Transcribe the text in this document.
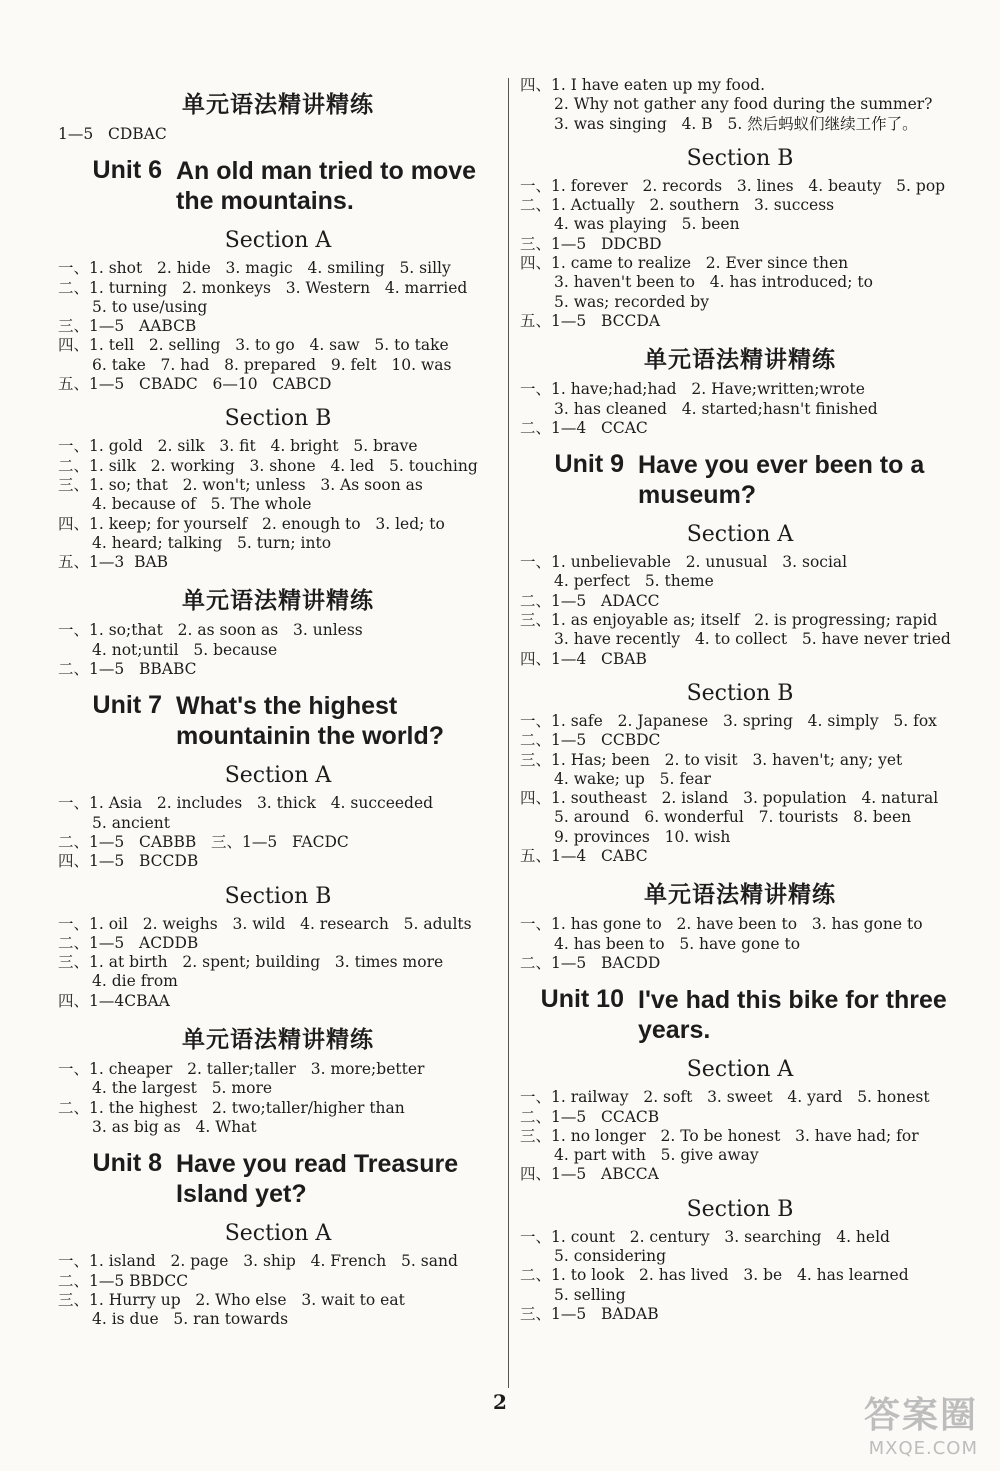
单元语法精讲精练
1—5   CDBAC
Unit 6 An old man tried to move the mountains.
Section A
一、1. shot   2. hide   3. magic   4. smiling   5. silly
二、1. turning   2. monkeys   3. Western   4. married
5. to use/using
三、1—5   AABCB
四、1. tell   2. selling   3. to go   4. saw   5. to take
6. take   7. had   8. prepared   9. felt   10. was
五、1—5   CBADC   6—10   CABCD
Section B
一、1. gold   2. silk   3. fit   4. bright   5. brave
二、1. silk   2. working   3. shone   4. led   5. touching
三、1. so; that   2. won't; unless   3. As soon as
4. because of   5. The whole
四、1. keep; for yourself   2. enough to   3. led; to
4. heard; talking   5. turn; into
五、1—3  BAB
单元语法精讲精练
一、1. so;that   2. as soon as   3. unless
4. not;until   5. because
二、1—5   BBABC
Unit 7 What's the highest mountainin the world?
Section A
一、1. Asia   2. includes   3. thick   4. succeeded
5. ancient
二、1—5   CABBB   三、1—5   FACDC
四、1—5   BCCDB
Section B
一、1. oil   2. weighs   3. wild   4. research   5. adults
二、1—5   ACDDB
三、1. at birth   2. spent; building   3. times more
4. die from
四、1—4CBAA
单元语法精讲精练
一、1. cheaper   2. taller;taller   3. more;better
4. the largest   5. more
二、1. the highest   2. two;taller/higher than
3. as big as   4. What
Unit 8 Have you read Treasure Island yet?
Section A
一、1. island   2. page   3. ship   4. French   5. sand
二、1—5 BBDCC
三、1. Hurry up   2. Who else   3. wait to eat
4. is due   5. ran towards
四、1. I have eaten up my food.
2. Why not gather any food during the summer?
3. was singing   4. B   5. 然后蚂蚁们继续工作了。
Section B
一、1. forever   2. records   3. lines   4. beauty   5. pop
二、1. Actually   2. southern   3. success
4. was playing   5. been
三、1—5   DDCBD
四、1. came to realize   2. Ever since then
3. haven't been to   4. has introduced; to
5. was; recorded by
五、1—5   BCCDA
单元语法精讲精练
一、1. have;had;had   2. Have;written;wrote
3. has cleaned   4. started;hasn't finished
二、1—4   CCAC
Unit 9 Have you ever been to a museum?
Section A
一、1. unbelievable   2. unusual   3. social
4. perfect   5. theme
二、1—5   ADACC
三、1. as enjoyable as; itself   2. is progressing; rapid
3. have recently   4. to collect   5. have never tried
四、1—4   CBAB
Section B
一、1. safe   2. Japanese   3. spring   4. simply   5. fox
二、1—5   CCBDC
三、1. Has; been   2. to visit   3. haven't; any; yet
4. wake; up   5. fear
四、1. southeast   2. island   3. population   4. natural
5. around   6. wonderful   7. tourists   8. been
9. provinces   10. wish
五、1—4   CABC
单元语法精讲精练
一、1. has gone to   2. have been to   3. has gone to
4. has been to   5. have gone to
二、1—5   BACDD
Unit 10 I've had this bike for three years.
Section A
一、1. railway   2. soft   3. sweet   4. yard   5. honest
二、1—5   CCACB
三、1. no longer   2. To be honest   3. have had; for
4. part with   5. give away
四、1—5   ABCCA
Section B
一、1. count   2. century   3. searching   4. held
5. considering
二、1. to look   2. has lived   3. be   4. has learned
5. selling
三、1—5   BADAB
2	答案圈
MXQE.COM
